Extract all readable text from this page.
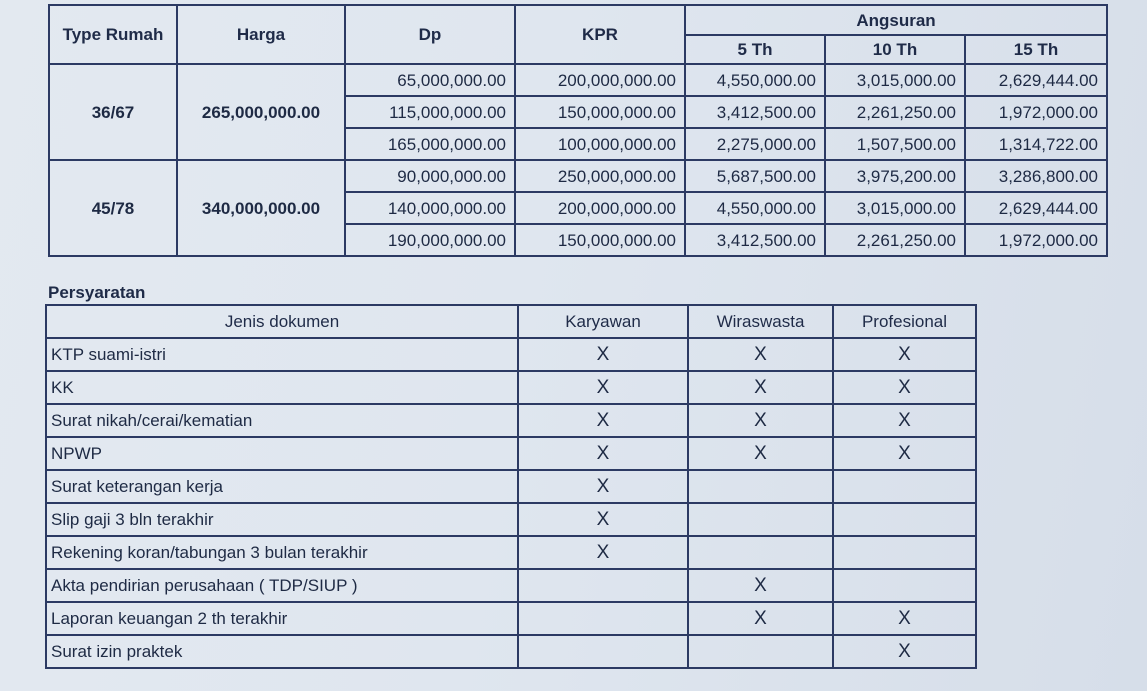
Type Rumah	Harga	Dp	KPR	Angsuran		
				5 Th	10 Th	15 Th
36/67	265,000,000.00	65,000,000.00	200,000,000.00	4,550,000.00	3,015,000.00	2,629,444.00
		115,000,000.00	150,000,000.00	3,412,500.00	2,261,250.00	1,972,000.00
		165,000,000.00	100,000,000.00	2,275,000.00	1,507,500.00	1,314,722.00
45/78	340,000,000.00	90,000,000.00	250,000,000.00	5,687,500.00	3,975,200.00	3,286,800.00
		140,000,000.00	200,000,000.00	4,550,000.00	3,015,000.00	2,629,444.00
		190,000,000.00	150,000,000.00	3,412,500.00	2,261,250.00	1,972,000.00

Persyaratan

Jenis dokumen	Karyawan	Wiraswasta	Profesional
KTP suami-istri	X	X	X
KK	X	X	X
Surat nikah/cerai/kematian	X	X	X
NPWP	X	X	X
Surat keterangan kerja	X		
Slip gaji 3 bln terakhir	X		
Rekening koran/tabungan 3 bulan terakhir	X		
Akta pendirian perusahaan ( TDP/SIUP )		X	
Laporan keuangan 2 th terakhir		X	X
Surat izin praktek			X
